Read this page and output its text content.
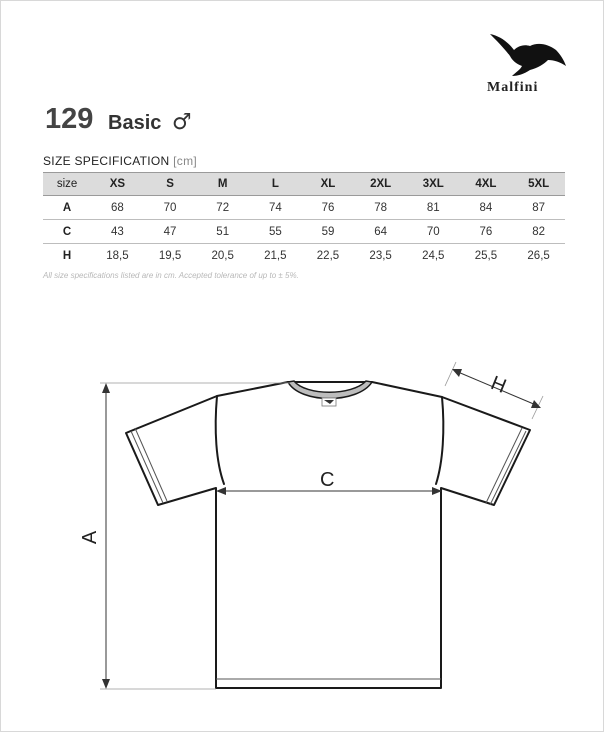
Malfini
129 Basic ♂
SIZE SPECIFICATION [cm]
size	XS	S	M	L	XL	2XL	3XL	4XL	5XL
A	68	70	72	74	76	78	81	84	87
C	43	47	51	55	59	64	70	76	82
H	18,5	19,5	20,5	21,5	22,5	23,5	24,5	25,5	26,5
All size specifications listed are in cm. Accepted tolerance of up to ± 5%.
A
C
H
